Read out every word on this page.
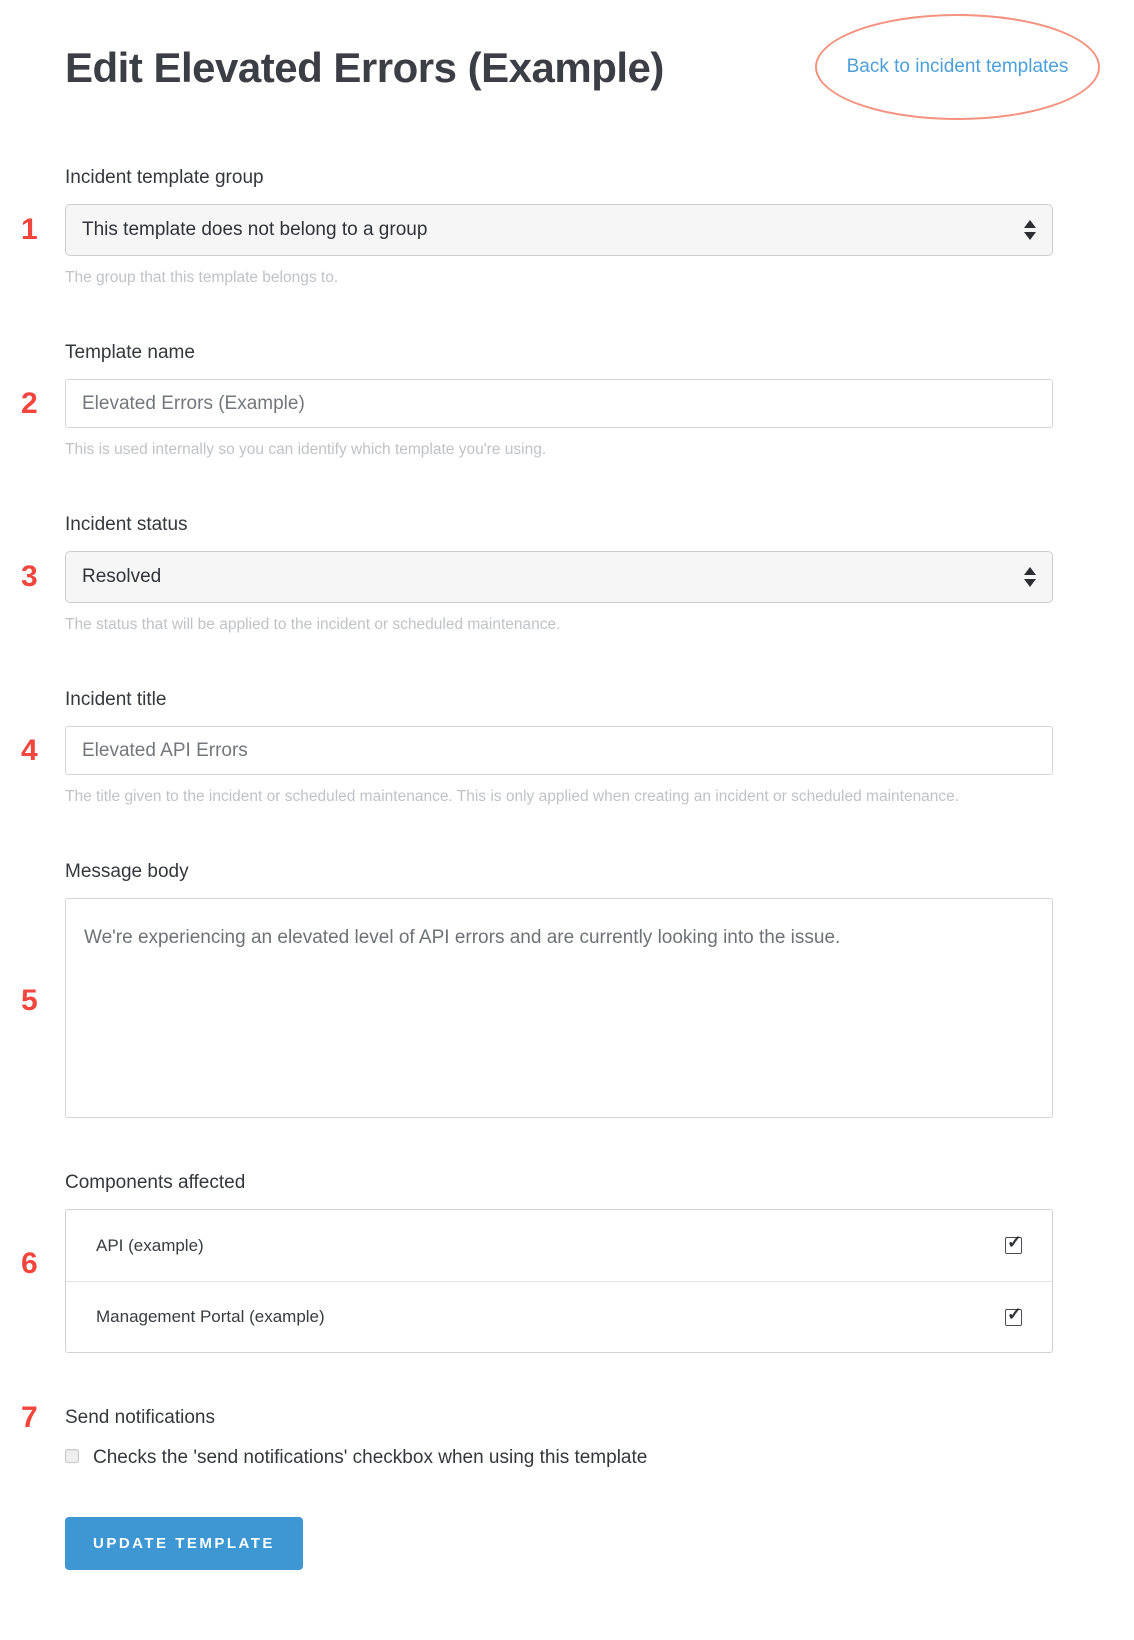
Edit Elevated Errors (Example)	Back to incident templates
1
Incident template group
This template does not belong to a group

The group that this template belongs to.

2
Template name
Elevated Errors (Example)

This is used internally so you can identify which template you're using.

3
Incident status
Resolved

The status that will be applied to the incident or scheduled maintenance.

4
Incident title
Elevated API Errors

The title given to the incident or scheduled maintenance. This is only applied when creating an incident or scheduled maintenance.

5
Message body
We're experiencing an elevated level of API errors and are currently looking into the issue.
6
Components affected
API (example)	✓
Management Portal (example)	✓
7 Send notifications
Checks the 'send notifications' checkbox when using this template
UPDATE TEMPLATE
